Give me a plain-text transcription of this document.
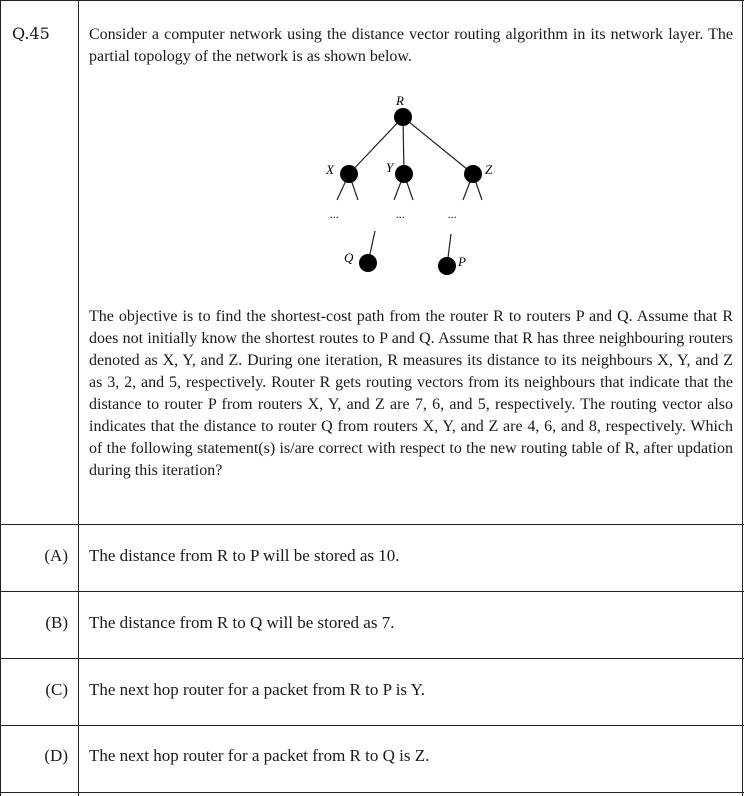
Q.45 Consider a computer network using the distance vector routing algorithm in its network layer. The partial topology of the network is as shown below.
R
X	Y	Z
Q	P
...	...	...
The objective is to find the shortest-cost path from the router R to routers P and Q. Assume that R does not initially know the shortest routes to P and Q. Assume that R has three neighbouring routers denoted as X, Y, and Z. During one iteration, R measures its distance to its neighbours X, Y, and Z as 3, 2, and 5, respectively. Router R gets routing vectors from its neighbours that indicate that the distance to router P from routers X, Y, and Z are 7, 6, and 5, respectively. The routing vector also indicates that the distance to router Q from routers X, Y, and Z are 4, 6, and 8, respectively. Which of the following statement(s) is/are correct with respect to the new routing table of R, after updation during this iteration?
(A)	The distance from R to P will be stored as 10.
(B)	The distance from R to Q will be stored as 7.
(C)	The next hop router for a packet from R to P is Y.
(D)	The next hop router for a packet from R to Q is Z.
